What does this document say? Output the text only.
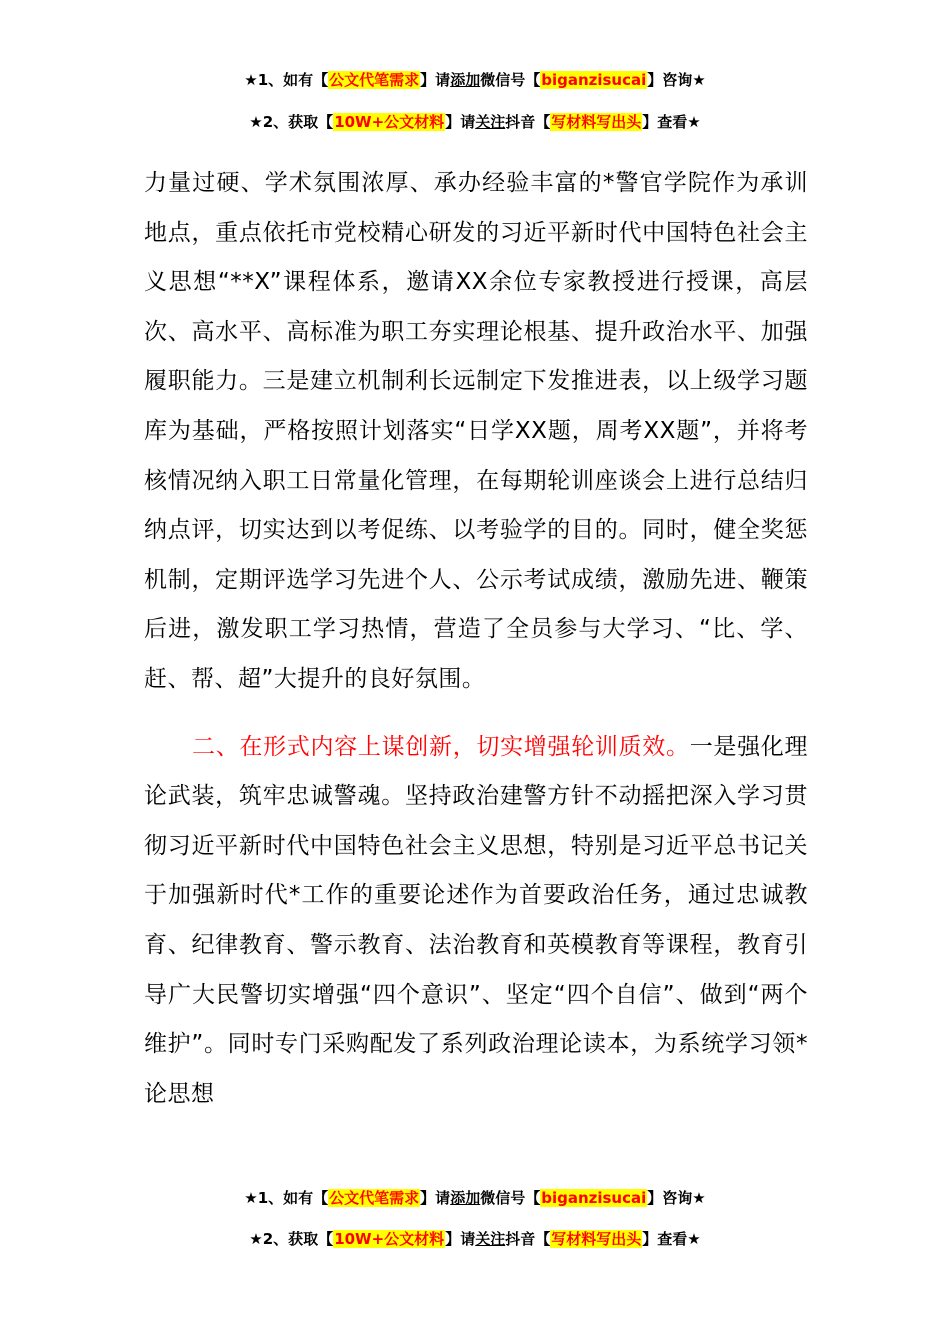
★1、如有【公文代笔需求】请添加微信号【biganzisucai】咨询★
★2、获取【10W+公文材料】请关注抖音【写材料写出头】查看★

力量过硬、学术氛围浓厚、承办经验丰富的*警官学院作为承训地点，重点依托市党校精心研发的习近平新时代中国特色社会主义思想“**X”课程体系，邀请XX余位专家教授进行授课，高层次、高水平、高标准为职工夯实理论根基、提升政治水平、加强履职能力。三是建立机制利长远制定下发推进表，以上级学习题库为基础，严格按照计划落实“日学XX题，周考XX题”，并将考核情况纳入职工日常量化管理，在每期轮训座谈会上进行总结归纳点评，切实达到以考促练、以考验学的目的。同时，健全奖惩机制，定期评选学习先进个人、公示考试成绩，激励先进、鞭策后进，激发职工学习热情，营造了全员参与大学习、“比、学、赶、帮、超”大提升的良好氛围。

二、在形式内容上谋创新，切实增强轮训质效。一是强化理论武装，筑牢忠诚警魂。坚持政治建警方针不动摇把深入学习贯彻习近平新时代中国特色社会主义思想，特别是习近平总书记关于加强新时代*工作的重要论述作为首要政治任务，通过忠诚教育、纪律教育、警示教育、法治教育和英模教育等课程，教育引导广大民警切实增强“四个意识”、坚定“四个自信”、做到“两个维护”。同时专门采购配发了系列政治理论读本，为系统学习领*论思想

★1、如有【公文代笔需求】请添加微信号【biganzisucai】咨询★
★2、获取【10W+公文材料】请关注抖音【写材料写出头】查看★
